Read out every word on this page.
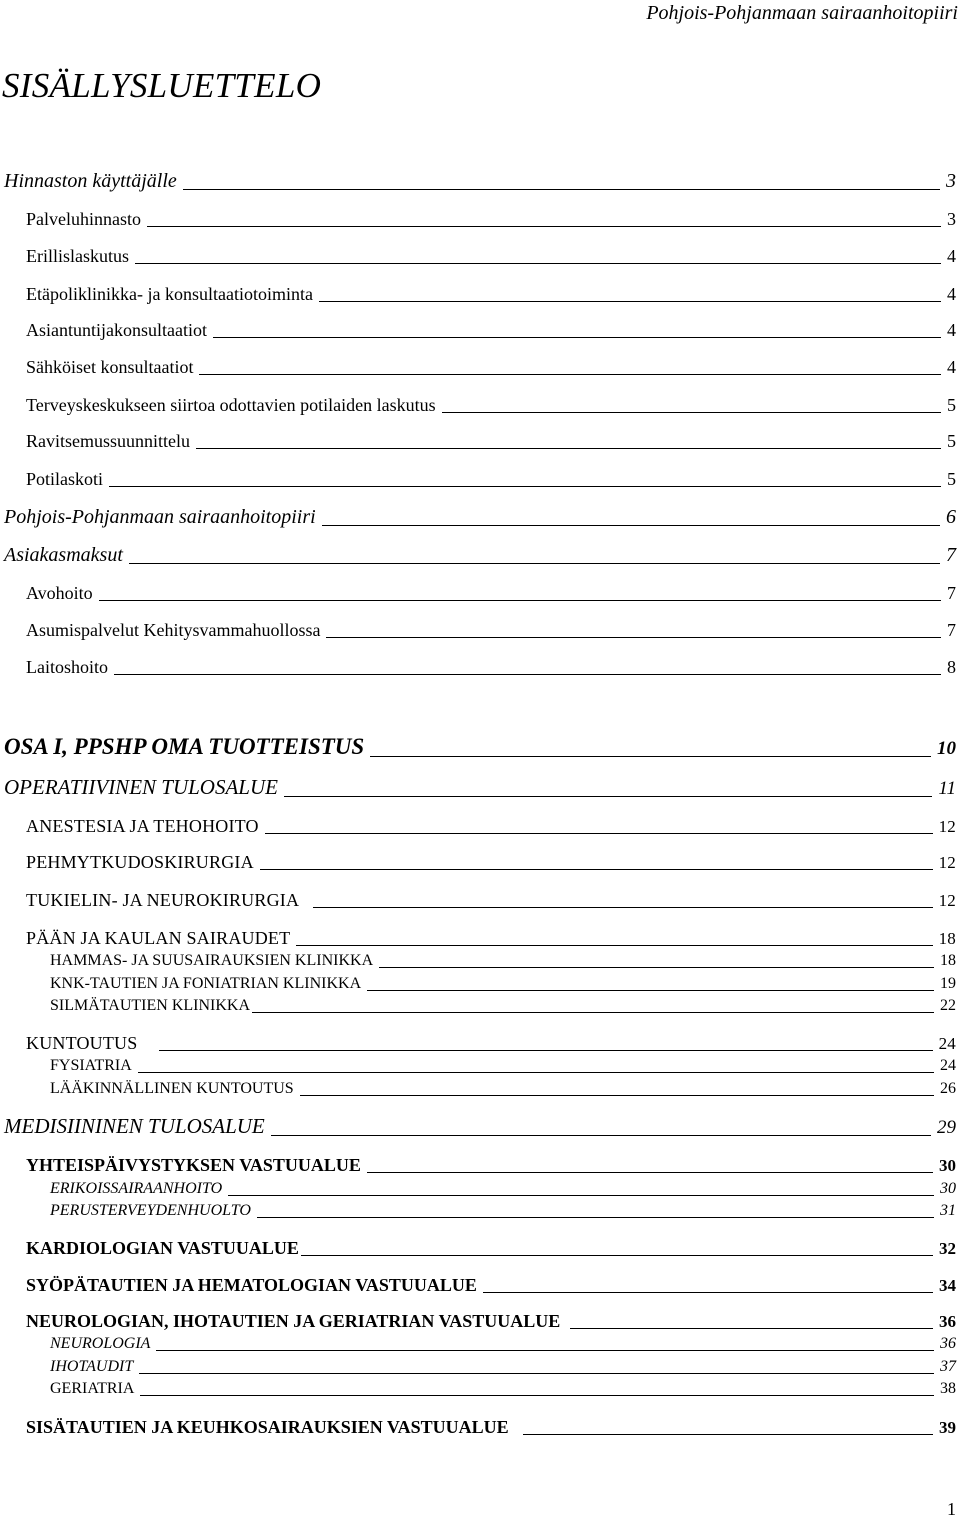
Pohjois-Pohjanmaan sairaanhoitopiiri
SISÄLLYSLUETTELO
Hinnaston käyttäjälle	3
Palveluhinnasto	3
Erillislaskutus	4
Etäpoliklinikka- ja konsultaatiotoiminta	4
Asiantuntijakonsultaatiot	4
Sähköiset konsultaatiot	4
Terveyskeskukseen siirtoa odottavien potilaiden laskutus	5
Ravitsemussuunnittelu	5
Potilaskoti	5
Pohjois-Pohjanmaan sairaanhoitopiiri	6
Asiakasmaksut	7
Avohoito	7
Asumispalvelut Kehitysvammahuollossa	7
Laitoshoito	8
OSA I, PPSHP OMA TUOTTEISTUS	10
OPERATIIVINEN TULOSALUE	11
ANESTESIA JA TEHOHOITO	12
PEHMYTKUDOSKIRURGIA	12
TUKIELIN- JA NEUROKIRURGIA	12
PÄÄN JA KAULAN SAIRAUDET	18
HAMMAS- JA SUUSAIRAUKSIEN KLINIKKA	18
KNK-TAUTIEN JA FONIATRIAN KLINIKKA	19
SILMÄTAUTIEN KLINIKKA	22
KUNTOUTUS	24
FYSIATRIA	24
LÄÄKINNÄLLINEN KUNTOUTUS	26
MEDISIININEN TULOSALUE	29
YHTEISPÄIVYSTYKSEN VASTUUALUE	30
ERIKOISSAIRAANHOITO	30
PERUSTERVEYDENHUOLTO	31
KARDIOLOGIAN VASTUUALUE	32
SYÖPÄTAUTIEN JA HEMATOLOGIAN VASTUUALUE	34
NEUROLOGIAN, IHOTAUTIEN JA GERIATRIAN VASTUUALUE	36
NEUROLOGIA	36
IHOTAUDIT	37
GERIATRIA	38
SISÄTAUTIEN JA KEUHKOSAIRAUKSIEN VASTUUALUE	39
1
